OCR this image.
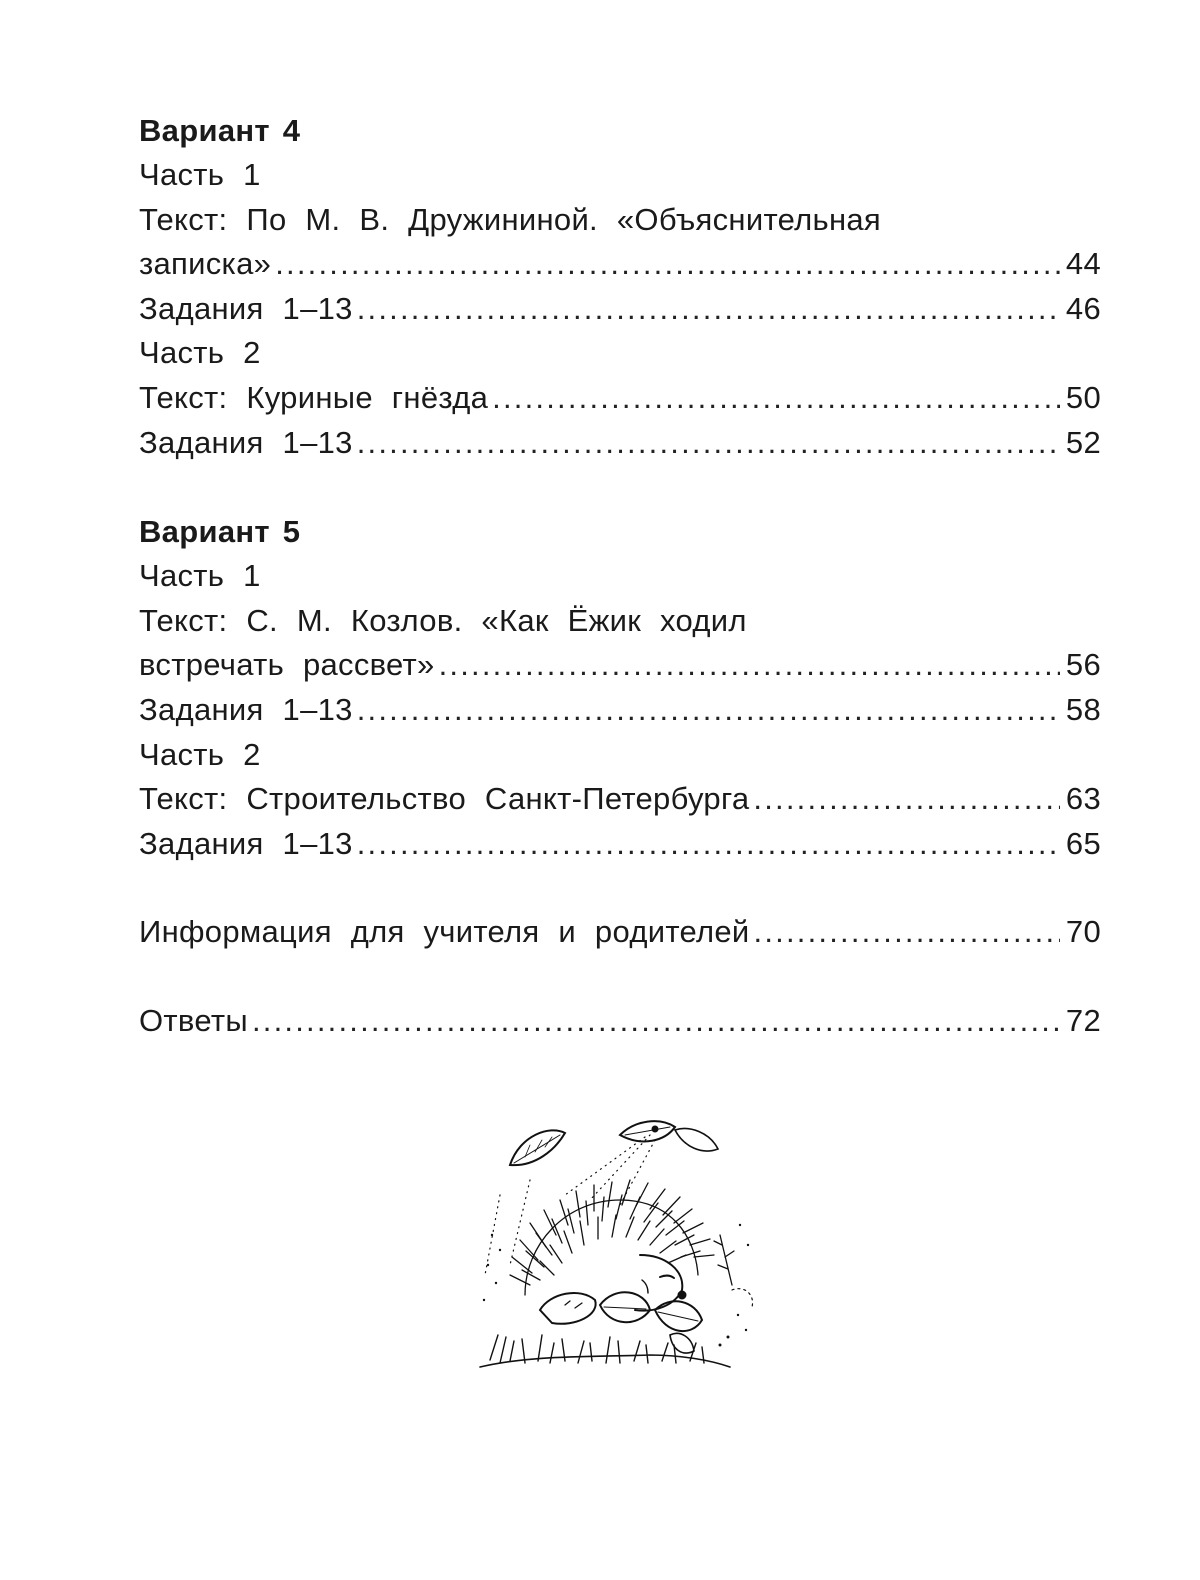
Вариант 4
Часть 1
Текст: По М. В. Дружининой. «Объяснительная
записка» .....	44
Задания 1–13 .....	46
Часть 2
Текст: Куриные гнёзда .....	50
Задания 1–13 .....	52
Вариант 5
Часть 1
Текст: С. М. Козлов. «Как Ёжик ходил
встречать рассвет» .....	56
Задания 1–13 .....	58
Часть 2
Текст: Строительство Санкт-Петербурга .....	63
Задания 1–13 .....	65
Информация для учителя и родителей .....	70
Ответы .....	72
